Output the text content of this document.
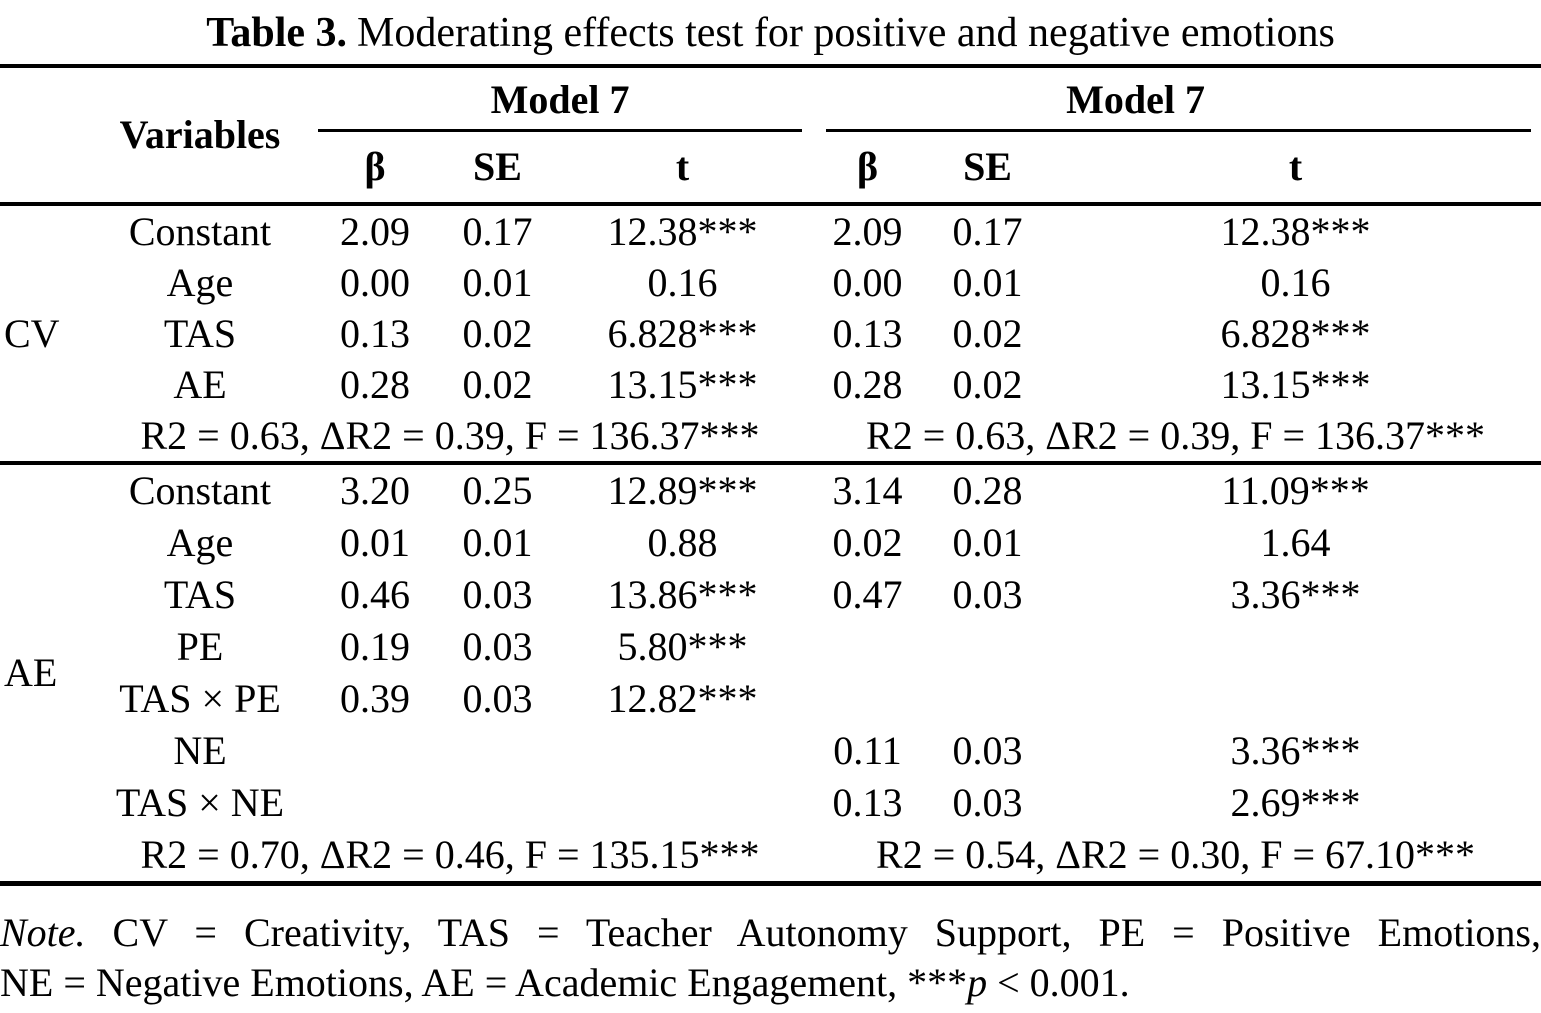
Table 3. Moderating effects test for positive and negative emotions
	Variables	Model 7			Model 7		
		β	SE	t	β	SE	t
CV	Constant	2.09	0.17	12.38***	2.09	0.17	12.38***
	Age	0.00	0.01	0.16	0.00	0.01	0.16
	TAS	0.13	0.02	6.828***	0.13	0.02	6.828***
	AE	0.28	0.02	13.15***	0.28	0.02	13.15***
	R2 = 0.63, ΔR2 = 0.39, F = 136.37***				R2 = 0.63, ΔR2 = 0.39, F = 136.37***		
AE	Constant	3.20	0.25	12.89***	3.14	0.28	11.09***
	Age	0.01	0.01	0.88	0.02	0.01	1.64
	TAS	0.46	0.03	13.86***	0.47	0.03	3.36***
	PE	0.19	0.03	5.80***			
	TAS × PE	0.39	0.03	12.82***			
	NE				0.11	0.03	3.36***
	TAS × NE				0.13	0.03	2.69***
	R2 = 0.70, ΔR2 = 0.46, F = 135.15***				R2 = 0.54, ΔR2 = 0.30, F = 67.10***		
Note. CV = Creativity, TAS = Teacher Autonomy Support, PE = Positive Emotions,
NE = Negative Emotions, AE = Academic Engagement, ***p < 0.001.
